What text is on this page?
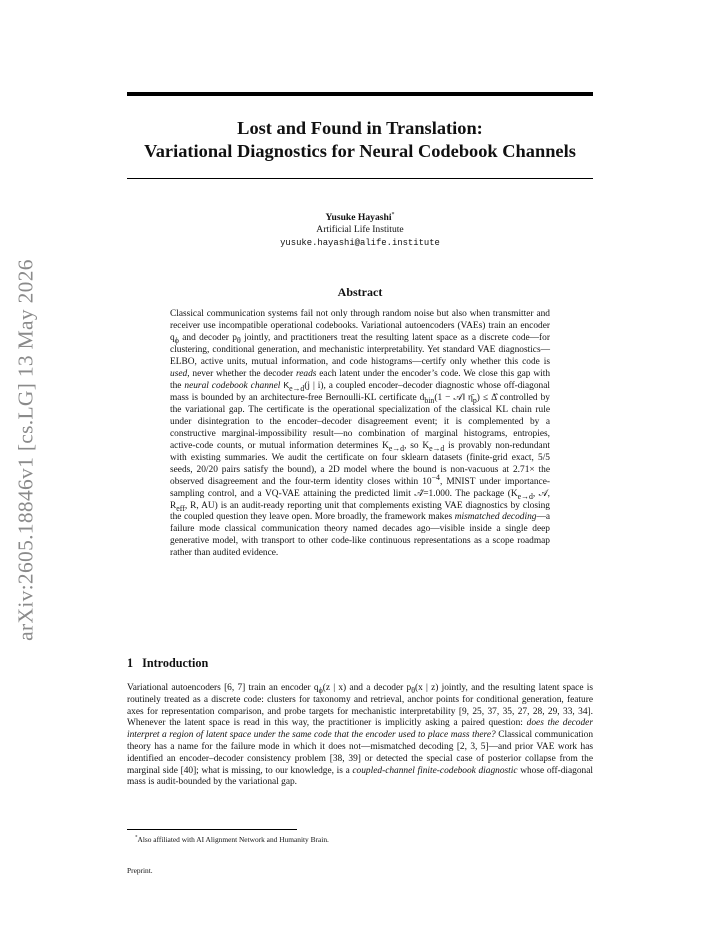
arXiv:2605.18846v1 [cs.LG] 13 May 2026
Lost and Found in Translation:
Variational Diagnostics for Neural Codebook Channels
Yusuke Hayashi*
Artificial Life Institute
yusuke.hayashi@alife.institute
Abstract
Classical communication systems fail not only through random noise but also when transmitter and receiver use incompatible operational codebooks. Variational autoencoders (VAEs) train an encoder $q_\phi$ and decoder $p_\theta$ jointly, and practitioners treat the resulting latent space as a discrete code—for clustering, conditional generation, and mechanistic interpretability. Yet standard VAE diagnostics—ELBO, active units, mutual information, and code histograms—certify only whether this code is used, never whether the decoder reads each latent under the encoder’s code. We close this gap with the neural codebook channel $K_{e\to d}(j$ | i), a coupled encoder–decoder diagnostic whose off-diagonal mass is bounded by an architecture-free Bernoulli-KL certificate $d_{bin}(1$ − 𝒜‖ $\etā_p$) ≤ Δ̂ controlled by the variational gap. The certificate is the operational specialization of the classical KL chain rule under disintegration to the encoder–decoder disagreement event; it is complemented by a constructive marginal-impossibility result—no combination of marginal histograms, entropies, active-code counts, or mutual information determines $K_{e\to d}$, so $K_{e\to d}$ is provably non-redundant with existing summaries. We audit the certificate on four sklearn datasets (finite-grid exact, 5/5 seeds, 20/20 pairs satisfy the bound), a 2D model where the bound is non-vacuous at 2.71× the observed disagreement and the four-term identity closes within $10^{-4}$, MNIST under importance-sampling control, and a VQ-VAE attaining the predicted limit 𝒜̂=1.000. The package ($K_{e\to d}$, 𝒜, $R_{eff}$, R, AU) is an audit-ready reporting unit that complements existing VAE diagnostics by closing the coupled question they leave open. More broadly, the framework makes mismatched decoding—a failure mode classical communication theory named decades ago—visible inside a single deep generative model, with transport to other code-like continuous representations as a scope roadmap rather than audited evidence.
1 Introduction
Variational autoencoders [6, 7] train an encoder $q_\phi(z$ | x) and a decoder $p_\theta(x$ | z) jointly, and the resulting latent space is routinely treated as a discrete code: clusters for taxonomy and retrieval, anchor points for conditional generation, feature axes for representation comparison, and probe targets for mechanistic interpretability [9, 25, 37, 35, 27, 28, 29, 33, 34]. Whenever the latent space is read in this way, the practitioner is implicitly asking a paired question: does the decoder interpret a region of latent space under the same code that the encoder used to place mass there? Classical communication theory has a name for the failure mode in which it does not—mismatched decoding [2, 3, 5]—and prior VAE work has identified an encoder–decoder consistency problem [38, 39] or detected the special case of posterior collapse from the marginal side [40]; what is missing, to our knowledge, is a coupled-channel finite-codebook diagnostic whose off-diagonal mass is audit-bounded by the variational gap.
*Also affiliated with AI Alignment Network and Humanity Brain.
Preprint.
